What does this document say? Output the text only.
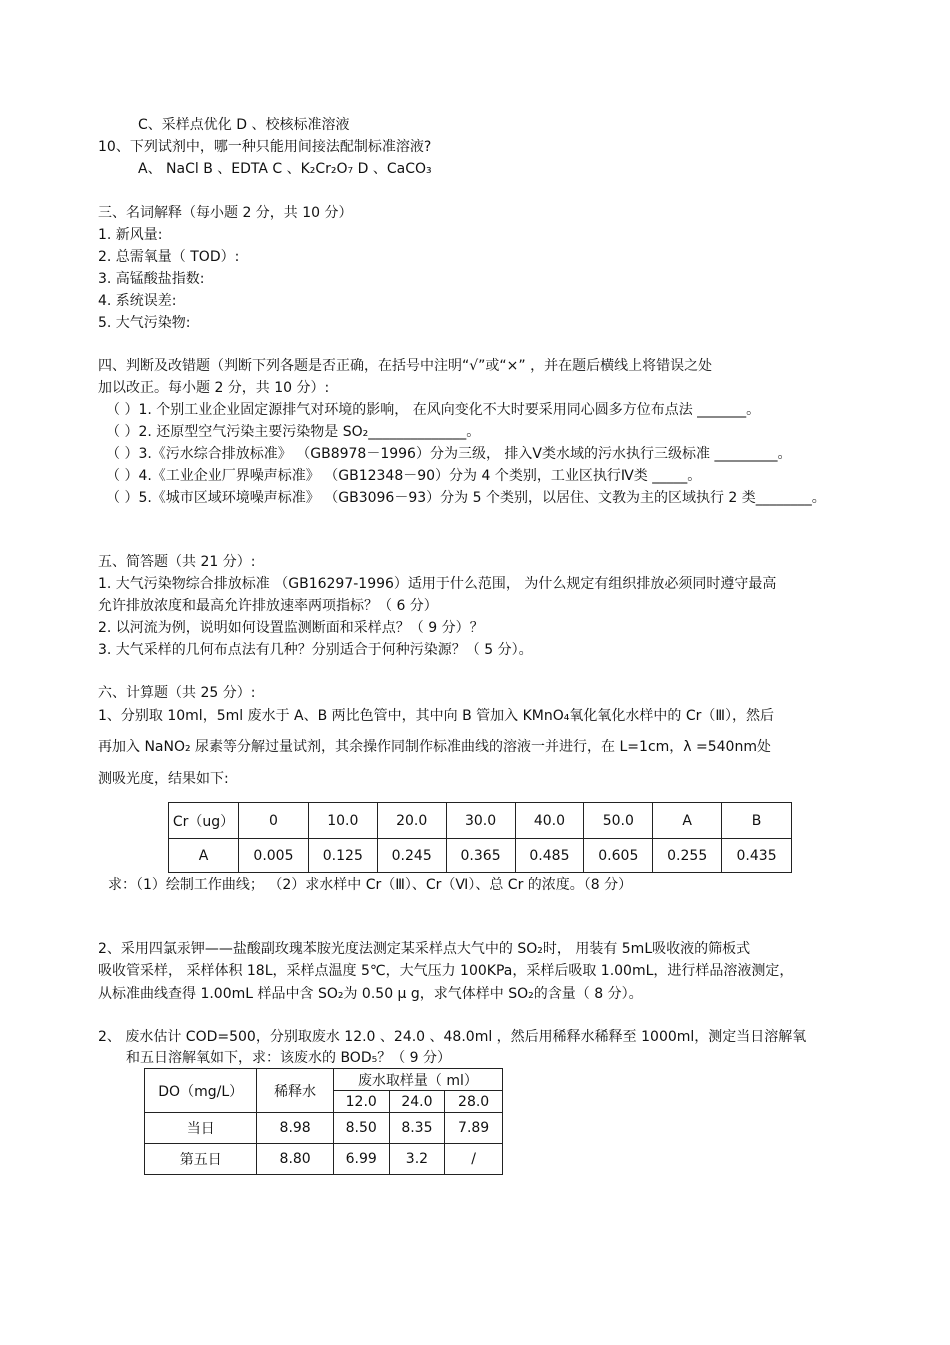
C、采样点优化 D 、校核标准溶液
10、下列试剂中，哪一种只能用间接法配制标准溶液?
A、 NaCl B 、EDTA C 、K₂Cr₂O₇ D 、CaCO₃
三、名词解释（每小题 2 分，共 10 分）
1. 新风量:
2. 总需氧量（ TOD）:
3. 高锰酸盐指数:
4. 系统误差:
5. 大气污染物:
四、判断及改错题（判断下列各题是否正确，在括号中注明“√”或“×” ，并在题后横线上将错误之处
加以改正。每小题 2 分，共 10 分）:
（ ）1. 个别工业企业固定源排气对环境的影响， 在风向变化不大时要采用同心圆多方位布点法 _______。
（ ）2. 还原型空气污染主要污染物是 SO₂______________。
（ ）3.《污水综合排放标准》 （GB8978－1996）分为三级， 排入Ⅴ类水域的污水执行三级标准 _________。
（ ）4.《工业企业厂界噪声标准》 （GB12348－90）分为 4 个类别，工业区执行Ⅳ类 _____。
（ ）5.《城市区域环境噪声标准》 （GB3096－93）分为 5 个类别，以居住、文教为主的区域执行 2 类________。
五、简答题（共 21 分）:
1. 大气污染物综合排放标准 （GB16297-1996）适用于什么范围， 为什么规定有组织排放必须同时遵守最高
允许排放浓度和最高允许排放速率两项指标？（ 6 分）
2. 以河流为例，说明如何设置监测断面和采样点？（ 9 分）？
3. 大气采样的几何布点法有几种？分别适合于何种污染源？（ 5 分）。
六、计算题（共 25 分）:
1、分别取 10ml，5ml 废水于 A、B 两比色管中，其中向 B 管加入 KMnO₄氧化氧化水样中的 Cr（Ⅲ），然后
再加入 NaNO₂ 尿素等分解过量试剂，其余操作同制作标准曲线的溶液一并进行，在 L=1cm，λ =540nm处
测吸光度，结果如下:
Cr（ug）	0	10.0	20.0	30.0	40.0	50.0	A	B
A	0.005	0.125	0.245	0.365	0.485	0.605	0.255	0.435
求：（1）绘制工作曲线； （2）求水样中 Cr（Ⅲ）、Cr（Ⅵ）、总 Cr 的浓度。（8 分）
2、采用四氯汞钾——盐酸副玫瑰苯胺光度法测定某采样点大气中的 SO₂时， 用装有 5mL吸收液的筛板式
吸收管采样， 采样体积 18L，采样点温度 5℃，大气压力 100KPa，采样后吸取 1.00mL，进行样品溶液测定，
从标准曲线查得 1.00mL 样品中含 SO₂为 0.50 μ g，求气体样中 SO₂的含量（ 8 分）。
2、 废水估计 COD=500，分别取废水 12.0 、24.0 、48.0ml ，然后用稀释水稀释至 1000ml，测定当日溶解氧
和五日溶解氧如下，求：该废水的 BOD₅？（ 9 分）
DO（mg/L）	稀释水	废水取样量（ ml）		
		12.0	24.0	28.0
当日	8.98	8.50	8.35	7.89
第五日	8.80	6.99	3.2	/
